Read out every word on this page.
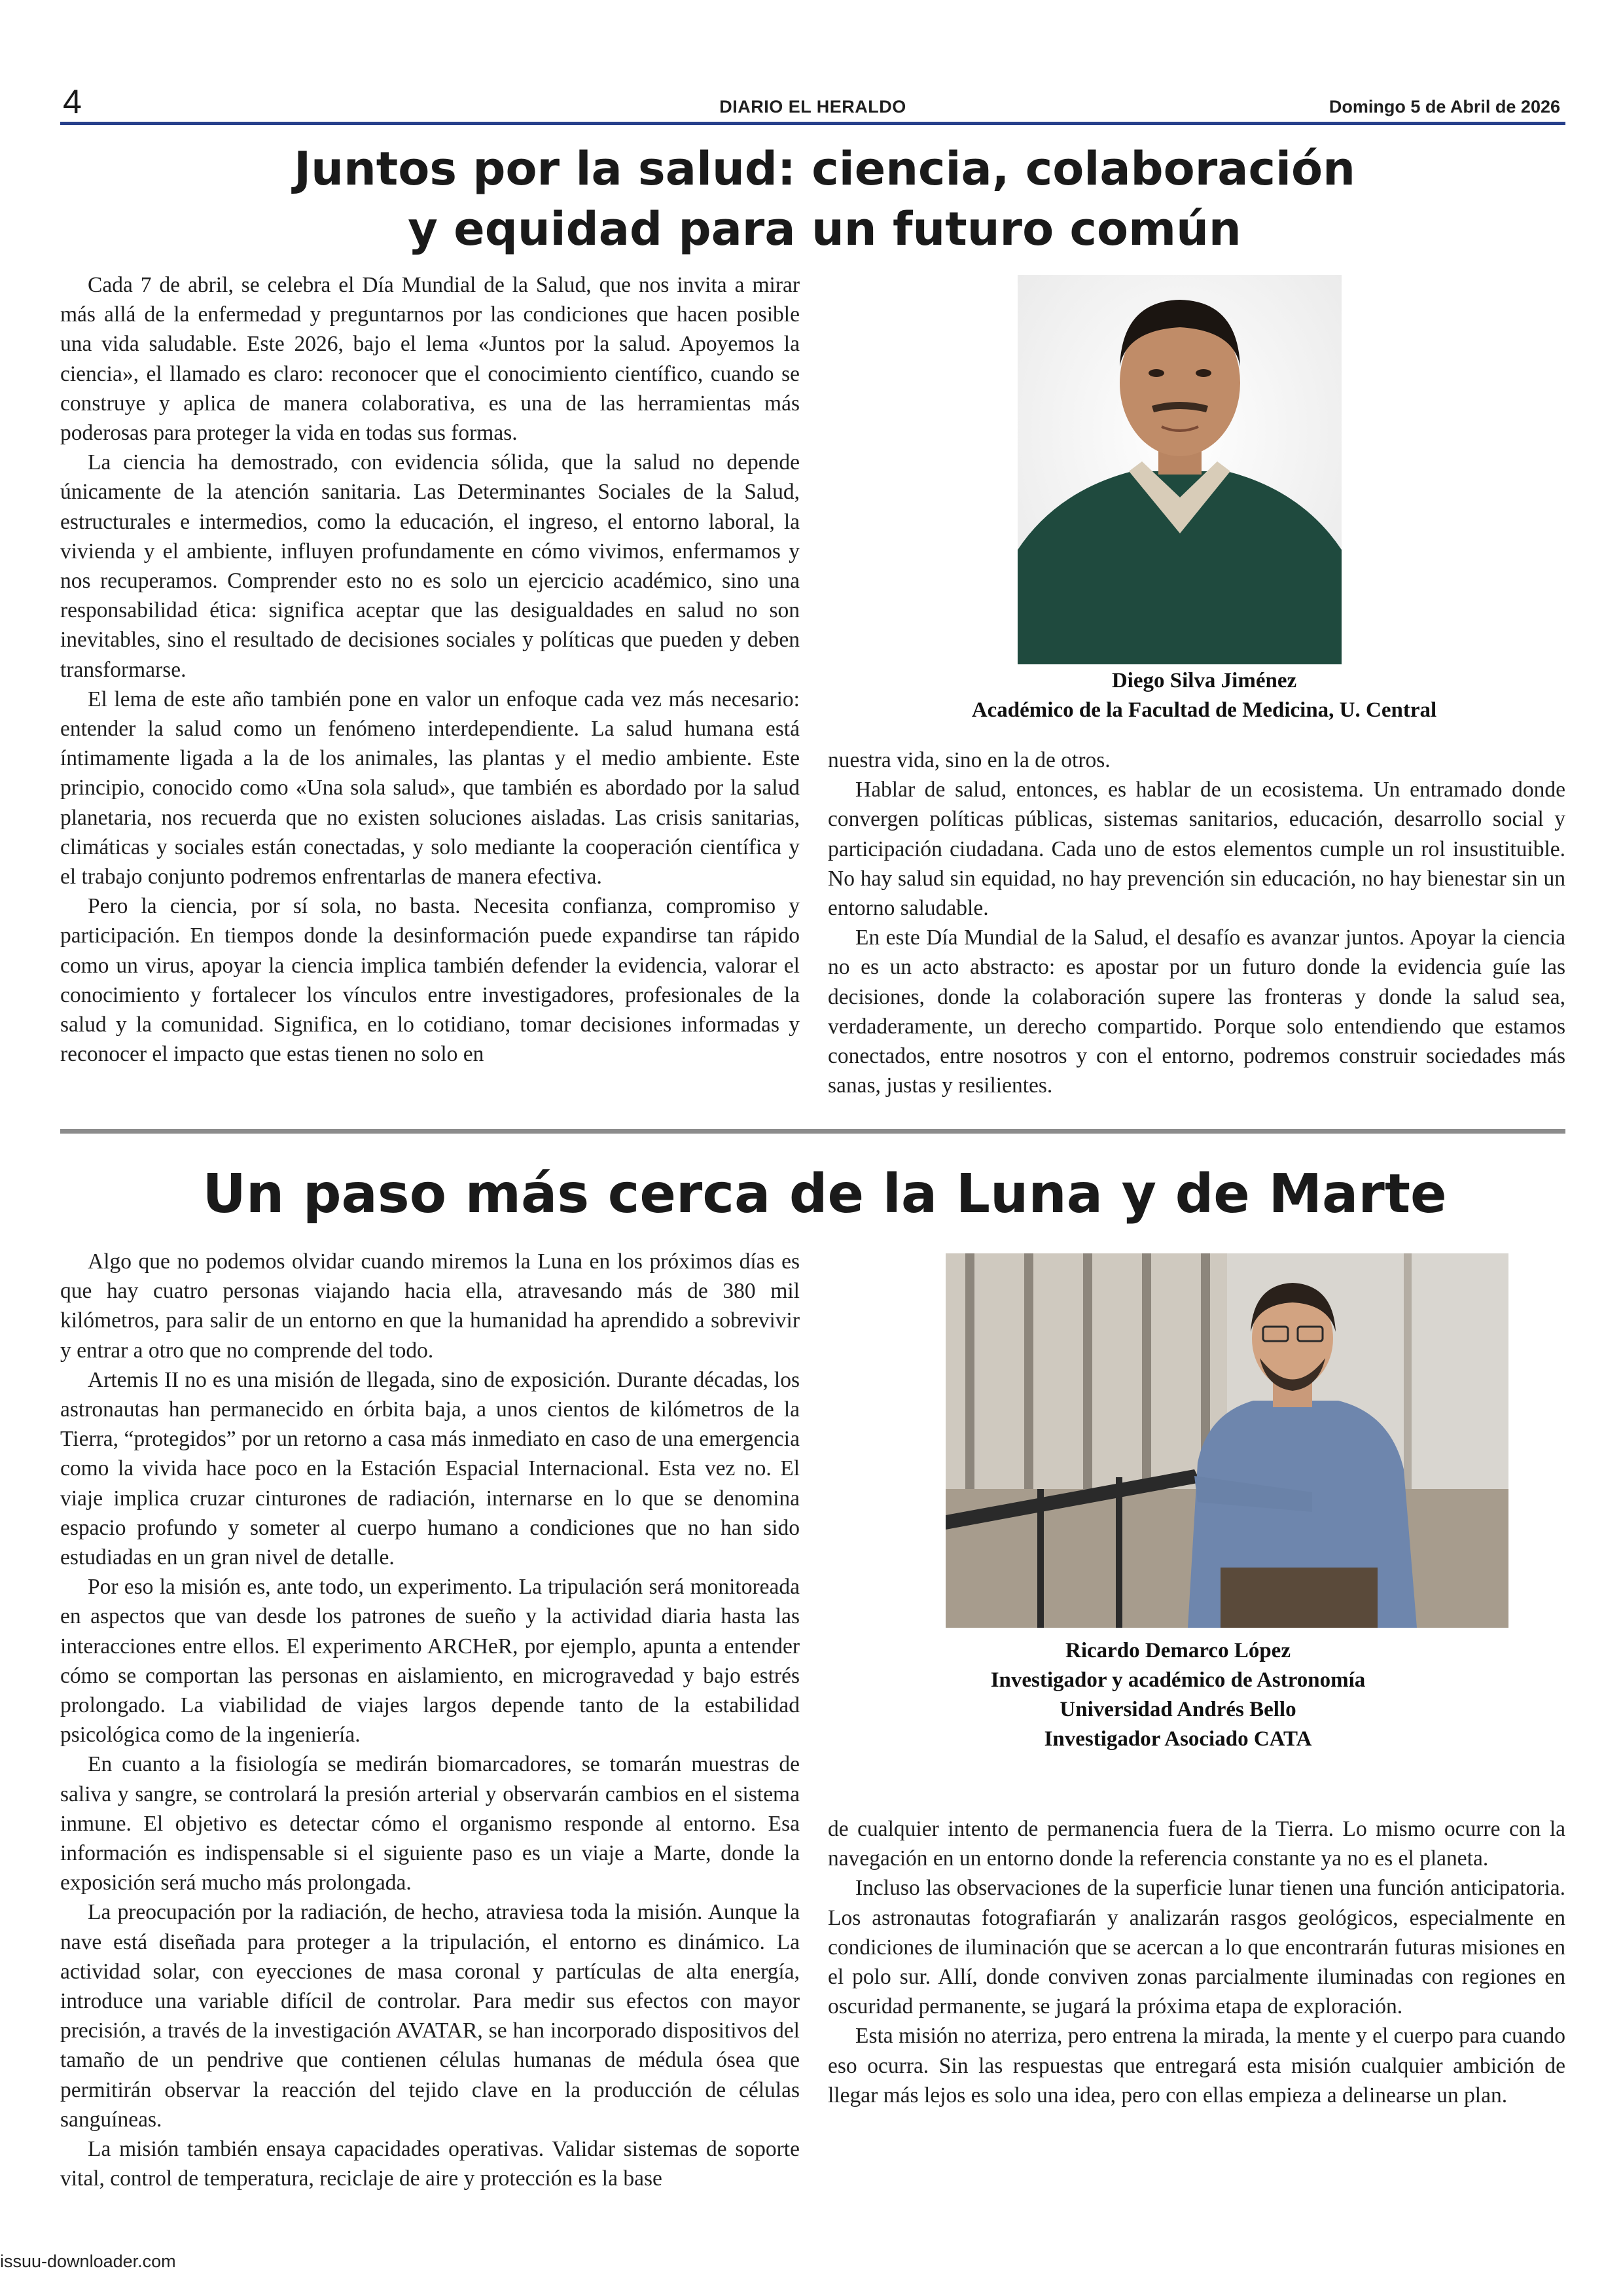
4	DIARIO EL HERALDO	Domingo 5 de Abril de 2026
Juntos por la salud: ciencia, colaboración
y equidad para un futuro común

Cada 7 de abril, se celebra el Día Mundial de la Salud, que nos invita a mirar más allá de la enfermedad y preguntarnos por las condiciones que hacen posible una vida saludable. Este 2026, bajo el lema «Juntos por la salud. Apoyemos la ciencia», el llamado es claro: reconocer que el conocimiento científico, cuando se construye y aplica de manera colaborativa, es una de las herramientas más poderosas para proteger la vida en todas sus formas.

La ciencia ha demostrado, con evidencia sólida, que la salud no depende únicamente de la atención sanitaria. Las Determinantes Sociales de la Salud, estructurales e intermedios, como la educación, el ingreso, el entorno laboral, la vivienda y el ambiente, influyen profundamente en cómo vivimos, enfermamos y nos recuperamos. Comprender esto no es solo un ejercicio académico, sino una responsabilidad ética: significa aceptar que las desigualdades en salud no son inevitables, sino el resultado de decisiones sociales y políticas que pueden y deben transformarse.

El lema de este año también pone en valor un enfoque cada vez más necesario: entender la salud como un fenómeno interdependiente. La salud humana está íntimamente ligada a la de los animales, las plantas y el medio ambiente. Este principio, conocido como «Una sola salud», que también es abordado por la salud planetaria, nos recuerda que no existen soluciones aisladas. Las crisis sanitarias, climáticas y sociales están conectadas, y solo mediante la cooperación científica y el trabajo conjunto podremos enfrentarlas de manera efectiva.

Pero la ciencia, por sí sola, no basta. Necesita confianza, compromiso y participación. En tiempos donde la desinformación puede expandirse tan rápido como un virus, apoyar la ciencia implica también defender la evidencia, valorar el conocimiento y fortalecer los vínculos entre investigadores, profesionales de la salud y la comunidad. Significa, en lo cotidiano, tomar decisiones informadas y reconocer el impacto que estas tienen no solo en

Diego Silva Jiménez
Académico de la Facultad de Medicina, U. Central

nuestra vida, sino en la de otros.

Hablar de salud, entonces, es hablar de un ecosistema. Un entramado donde convergen políticas públicas, sistemas sanitarios, educación, desarrollo social y participación ciudadana. Cada uno de estos elementos cumple un rol insustituible. No hay salud sin equidad, no hay prevención sin educación, no hay bienestar sin un entorno saludable.

En este Día Mundial de la Salud, el desafío es avanzar juntos. Apoyar la ciencia no es un acto abstracto: es apostar por un futuro donde la evidencia guíe las decisiones, donde la colaboración supere las fronteras y donde la salud sea, verdaderamente, un derecho compartido. Porque solo entendiendo que estamos conectados, entre nosotros y con el entorno, podremos construir sociedades más sanas, justas y resilientes.

Un paso más cerca de la Luna y de Marte

Algo que no podemos olvidar cuando miremos la Luna en los próximos días es que hay cuatro personas viajando hacia ella, atravesando más de 380 mil kilómetros, para salir de un entorno en que la humanidad ha aprendido a sobrevivir y entrar a otro que no comprende del todo.

Artemis II no es una misión de llegada, sino de exposición. Durante décadas, los astronautas han permanecido en órbita baja, a unos cientos de kilómetros de la Tierra, “protegidos” por un retorno a casa más inmediato en caso de una emergencia como la vivida hace poco en la Estación Espacial Internacional. Esta vez no. El viaje implica cruzar cinturones de radiación, internarse en lo que se denomina espacio profundo y someter al cuerpo humano a condiciones que no han sido estudiadas en un gran nivel de detalle.

Por eso la misión es, ante todo, un experimento. La tripulación será monitoreada en aspectos que van desde los patrones de sueño y la actividad diaria hasta las interacciones entre ellos. El experimento ARCHeR, por ejemplo, apunta a entender cómo se comportan las personas en aislamiento, en microgravedad y bajo estrés prolongado. La viabilidad de viajes largos depende tanto de la estabilidad psicológica como de la ingeniería.

En cuanto a la fisiología se medirán biomarcadores, se tomarán muestras de saliva y sangre, se controlará la presión arterial y observarán cambios en el sistema inmune. El objetivo es detectar cómo el organismo responde al entorno. Esa información es indispensable si el siguiente paso es un viaje a Marte, donde la exposición será mucho más prolongada.

La preocupación por la radiación, de hecho, atraviesa toda la misión. Aunque la nave está diseñada para proteger a la tripulación, el entorno es dinámico. La actividad solar, con eyecciones de masa coronal y partículas de alta energía, introduce una variable difícil de controlar. Para medir sus efectos con mayor precisión, a través de la investigación AVATAR, se han incorporado dispositivos del tamaño de un pendrive que contienen células humanas de médula ósea que permitirán observar la reacción del tejido clave en la producción de células sanguíneas.

La misión también ensaya capacidades operativas. Validar sistemas de soporte vital, control de temperatura, reciclaje de aire y protección es la base

Ricardo Demarco López
Investigador y académico de Astronomía
Universidad Andrés Bello
Investigador Asociado CATA

de cualquier intento de permanencia fuera de la Tierra. Lo mismo ocurre con la navegación en un entorno donde la referencia constante ya no es el planeta.

Incluso las observaciones de la superficie lunar tienen una función anticipatoria. Los astronautas fotografiarán y analizarán rasgos geológicos, especialmente en condiciones de iluminación que se acercan a lo que encontrarán futuras misiones en el polo sur. Allí, donde conviven zonas parcialmente iluminadas con regiones en oscuridad permanente, se jugará la próxima etapa de exploración.

Esta misión no aterriza, pero entrena la mirada, la mente y el cuerpo para cuando eso ocurra. Sin las respuestas que entregará esta misión cualquier ambición de llegar más lejos es solo una idea, pero con ellas empieza a delinearse un plan.

issuu-downloader.com
